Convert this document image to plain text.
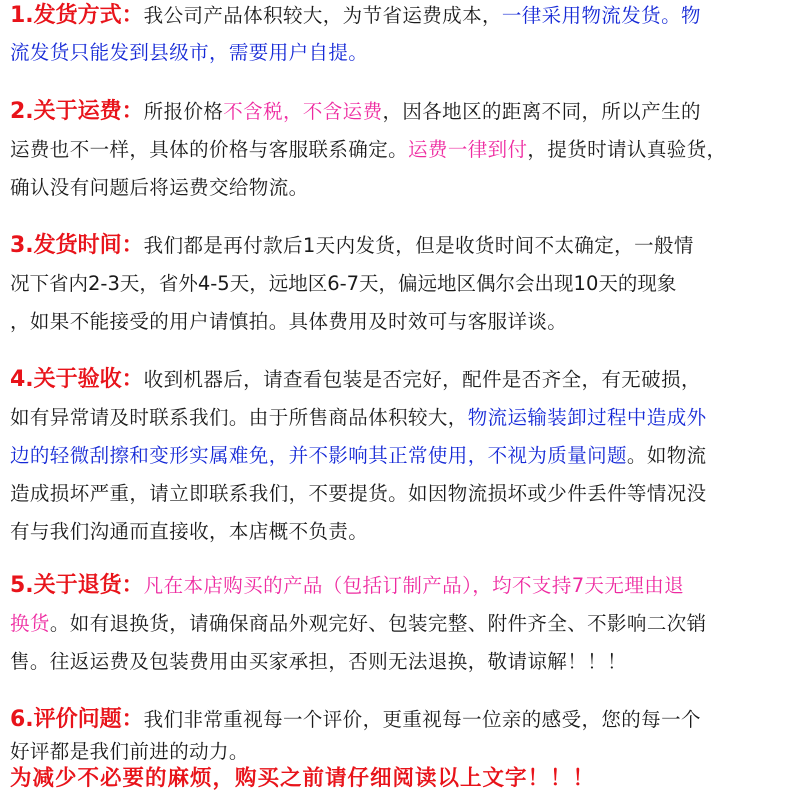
1.发货方式：我公司产品体积较大，为节省运费成本，一律采用物流发货。物
流发货只能发到县级市，需要用户自提。
2.关于运费：所报价格不含税，不含运费，因各地区的距离不同，所以产生的
运费也不一样，具体的价格与客服联系确定。运费一律到付，提货时请认真验货，
确认没有问题后将运费交给物流。
3.发货时间：我们都是再付款后1天内发货，但是收货时间不太确定，一般情
况下省内2-3天，省外4-5天，远地区6-7天，偏远地区偶尔会出现10天的现象
，如果不能接受的用户请慎拍。具体费用及时效可与客服详谈。
4.关于验收：收到机器后，请查看包装是否完好，配件是否齐全，有无破损，
如有异常请及时联系我们。由于所售商品体积较大，物流运输装卸过程中造成外
边的轻微刮擦和变形实属难免，并不影响其正常使用，不视为质量问题。如物流
造成损坏严重，请立即联系我们，不要提货。如因物流损坏或少件丢件等情况没
有与我们沟通而直接收，本店概不负责。
5.关于退货：凡在本店购买的产品（包括订制产品），均不支持7天无理由退
换货。如有退换货，请确保商品外观完好、包装完整、附件齐全、不影响二次销
售。往返运费及包装费用由买家承担，否则无法退换，敬请谅解！！！
6.评价问题：我们非常重视每一个评价，更重视每一位亲的感受，您的每一个
好评都是我们前进的动力。
为减少不必要的麻烦，购买之前请仔细阅读以上文字！！！
